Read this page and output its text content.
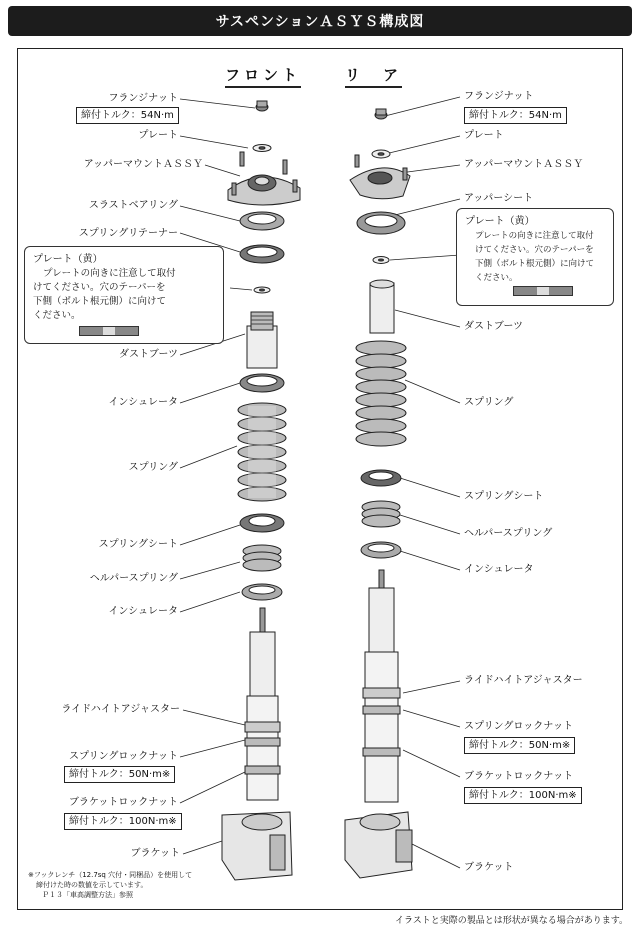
サスペンションＡＳＹＳ構成図
フロント	リ　ア
フランジナット
締付トルク：54N·m
プレート
アッパーマウントＡＳＳＹ
スラストベアリング
スプリングリテーナー
プレート（黄）
プレートの向きに注意して取付
けてください。穴のテーパーを
下側（ボルト根元側）に向けて
ください。
ダストブーツ
インシュレータ
スプリング
スプリングシート
ヘルパースプリング
インシュレータ
ライドハイトアジャスター
スプリングロックナット
締付トルク：50N·m※
ブラケットロックナット
締付トルク：100N·m※
ブラケット
フランジナット
締付トルク：54N·m
プレート
アッパーマウントＡＳＳＹ
アッパーシート
プレート（黄）
プレートの向きに注意して取付
けてください。穴のテーパーを
下側（ボルト根元側）に向けて
ください。
ダストブーツ
スプリング
スプリングシート
ヘルパースプリング
インシュレータ
ライドハイトアジャスター
スプリングロックナット
締付トルク：50N·m※
ブラケットロックナット
締付トルク：100N·m※
ブラケット
※フックレンチ（12.7sq 穴付・同梱品）を使用して
締付けた時の数値を示しています。
Ｐ１３「車高調整方法」参照
イラストと実際の製品とは形状が異なる場合があります。
